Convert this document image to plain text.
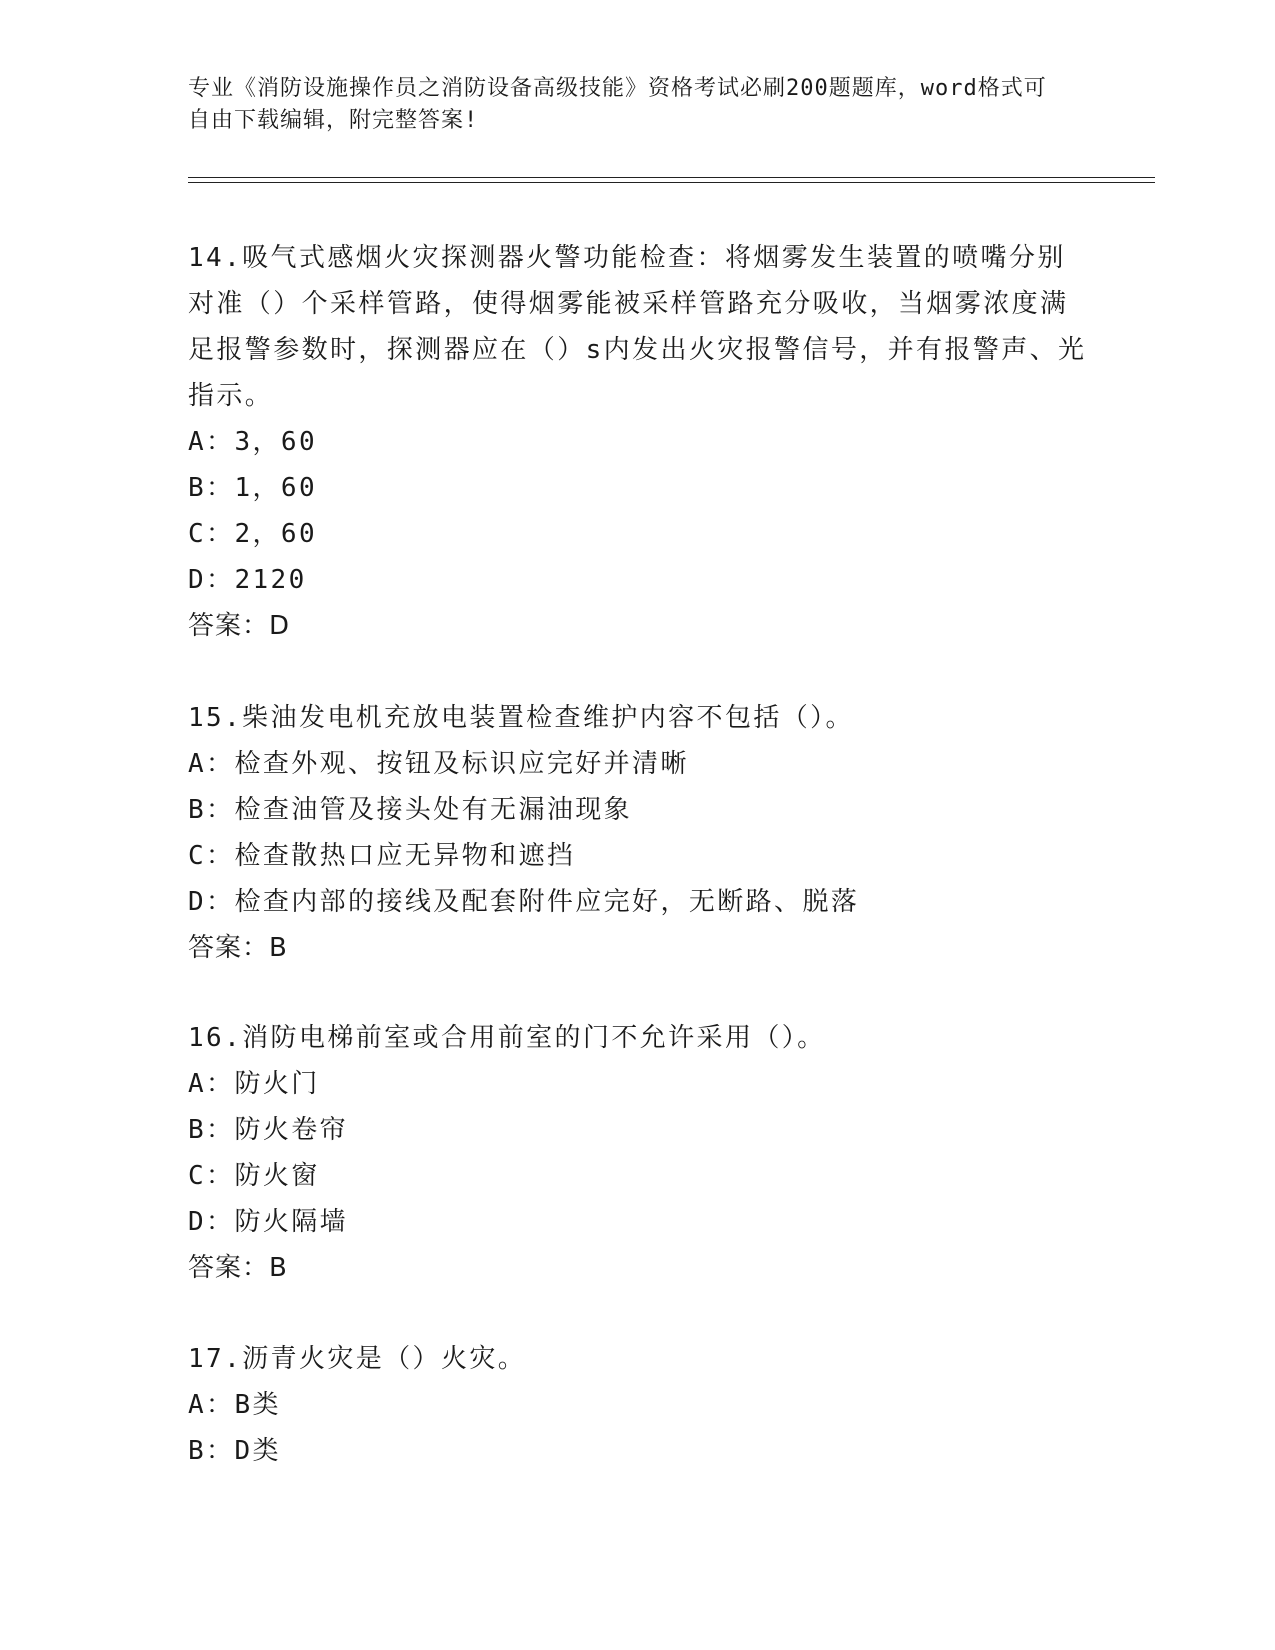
专业《消防设施操作员之消防设备高级技能》资格考试必刷200题题库，word格式可自由下载编辑，附完整答案!

14.吸气式感烟火灾探测器火警功能检查：将烟雾发生装置的喷嘴分别对准（）个采样管路，使得烟雾能被采样管路充分吸收，当烟雾浓度满足报警参数时，探测器应在（）s内发出火灾报警信号，并有报警声、光指示。

A：3，60

B：1，60

C：2，60

D：2120

答案：D

15.柴油发电机充放电装置检查维护内容不包括（）。

A：检查外观、按钮及标识应完好并清晰

B：检查油管及接头处有无漏油现象

C：检查散热口应无异物和遮挡

D：检查内部的接线及配套附件应完好，无断路、脱落

答案：B

16.消防电梯前室或合用前室的门不允许采用（）。

A：防火门

B：防火卷帘

C：防火窗

D：防火隔墙

答案：B

17.沥青火灾是（）火灾。

A：B类

B：D类
